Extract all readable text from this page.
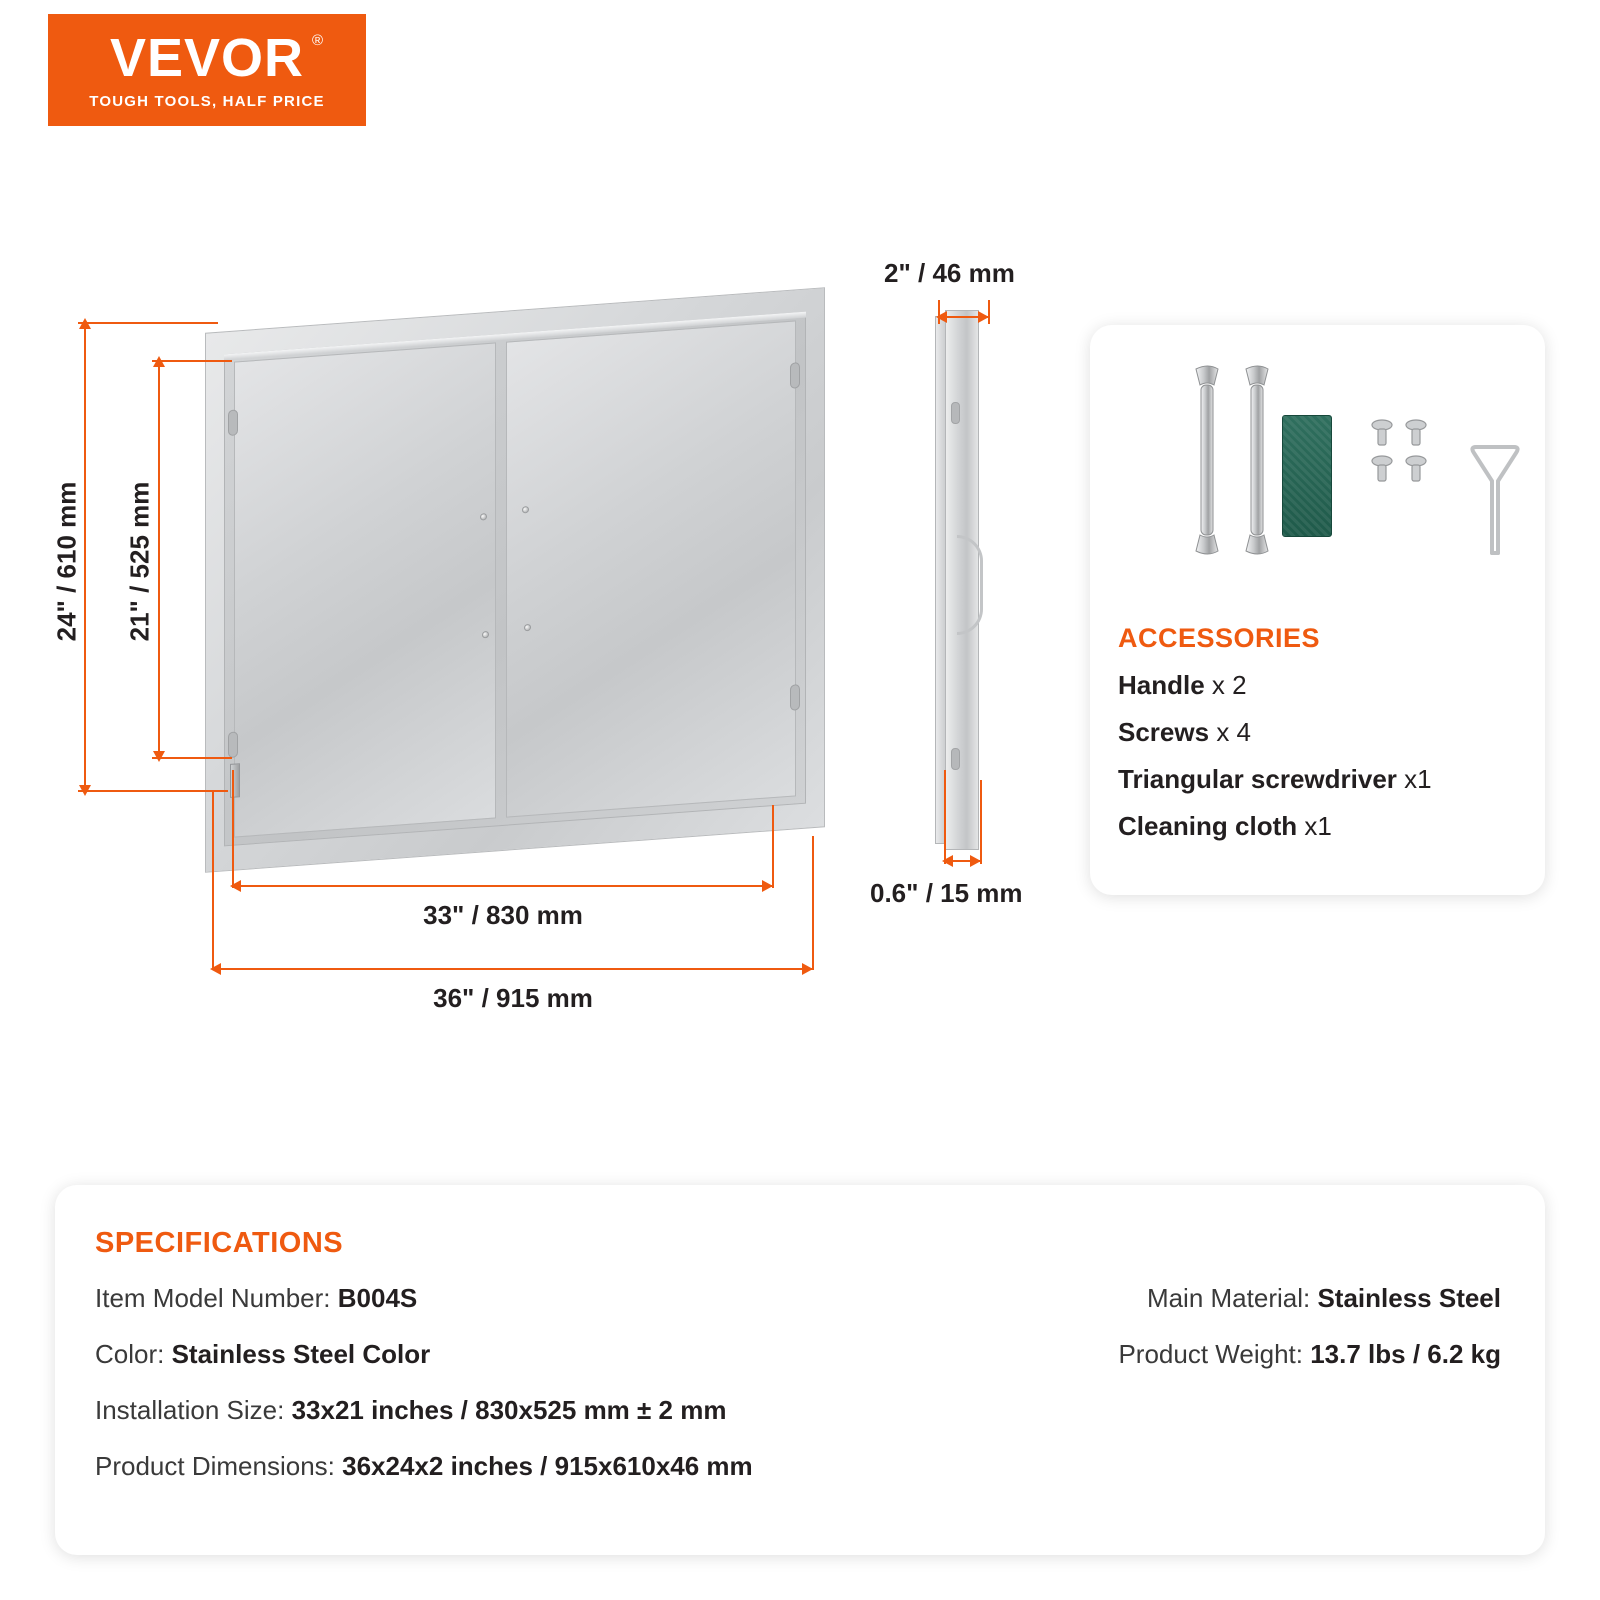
VEVOR ®
TOUGH TOOLS, HALF PRICE
24" / 610 mm 21" / 525 mm
33" / 830 mm
36" / 915 mm
2" / 46 mm
0.6" / 15 mm
ACCESSORIES
Handle x 2
Screws x 4
Triangular screwdriver x1
Cleaning cloth x1
SPECIFICATIONS
Item Model Number: B004S
Color: Stainless Steel Color
Installation Size: 33x21 inches / 830x525 mm ± 2 mm
Product Dimensions: 36x24x2 inches / 915x610x46 mm
Main Material: Stainless Steel
Product Weight: 13.7 lbs / 6.2 kg
